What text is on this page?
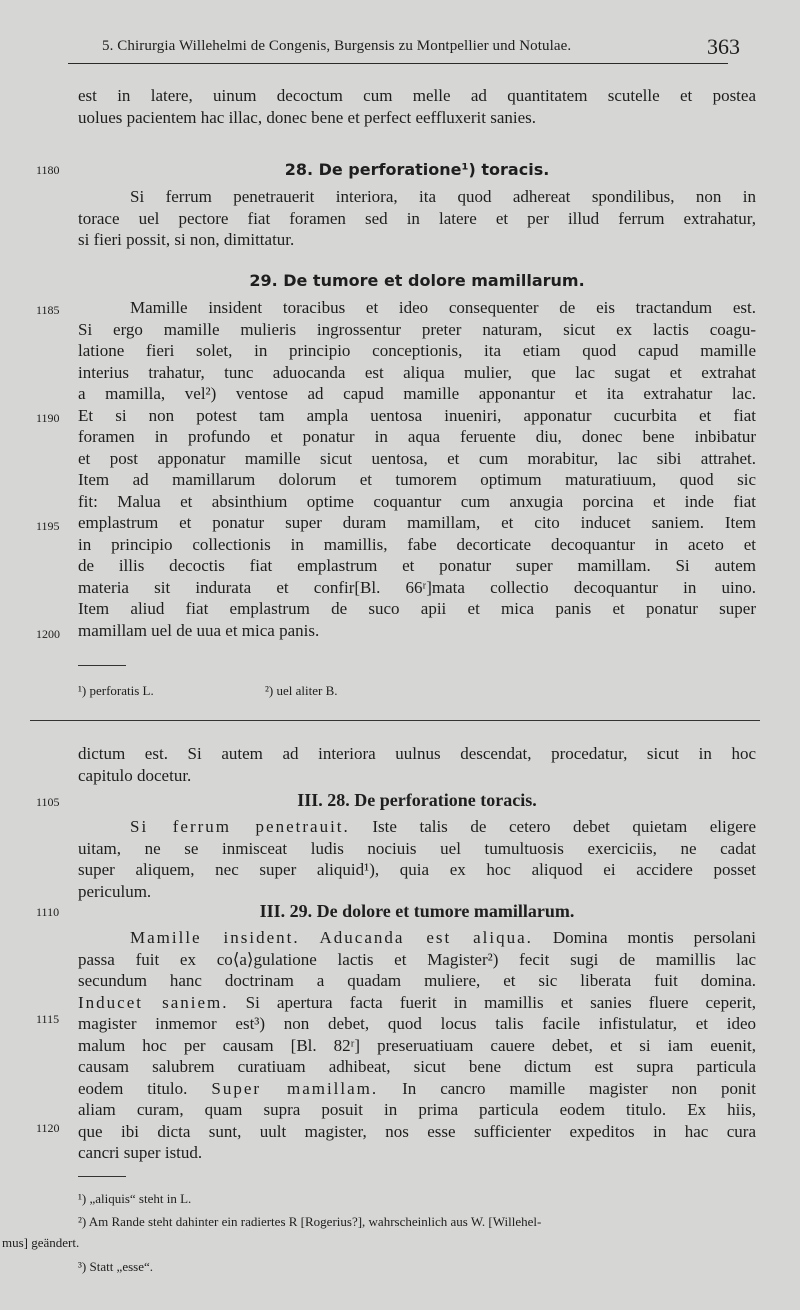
5. Chirurgia Willehelmi de Congenis, Burgensis zu Montpellier und Notulae.	363
est in latere, uinum decoctum cum melle ad quantitatem scutelle et postea
uolues pacientem hac illac, donec bene et perfect eeffluxerit sanies.
1180	28. De perforatione¹) toracis.
Si ferrum penetrauerit interiora, ita quod adhereat spondilibus, non in
torace uel pectore fiat foramen sed in latere et per illud ferrum extrahatur,
si fieri possit, si non, dimittatur.
1185
1190
1195
1200
29. De tumore et dolore mamillarum.
Mamille insident toracibus et ideo consequenter de eis tractandum est.
Si ergo mamille mulieris ingrossentur preter naturam, sicut ex lactis coagu-
latione fieri solet, in principio conceptionis, ita etiam quod capud mamille
interius trahatur, tunc aduocanda est aliqua mulier, que lac sugat et extrahat
a mamilla, vel²) ventose ad capud mamille apponantur et ita extrahatur lac.
Et si non potest tam ampla uentosa inueniri, apponatur cucurbita et fiat
foramen in profundo et ponatur in aqua feruente diu, donec bene inbibatur
et post apponatur mamille sicut uentosa, et cum morabitur, lac sibi attrahet.
Item ad mamillarum dolorum et tumorem optimum maturatiuum, quod sic
fit: Malua et absinthium optime coquantur cum anxugia porcina et inde fiat
emplastrum et ponatur super duram mamillam, et cito inducet saniem. Item
in principio collectionis in mamillis, fabe decorticate decoquantur in aceto et
de illis decoctis fiat emplastrum et ponatur super mamillam. Si autem
materia sit indurata et confir[Bl. 66ʳ]mata collectio decoquantur in uino.
Item aliud fiat emplastrum de suco apii et mica panis et ponatur super
mamillam uel de uua et mica panis.
¹) perforatis L.	²) uel aliter B.
dictum est. Si autem ad interiora uulnus descendat, procedatur, sicut in hoc
capitulo docetur.
1105	III. 28. De perforatione toracis.
Si ferrum penetrauit. Iste talis de cetero debet quietam eligere
uitam, ne se inmisceat ludis nociuis uel tumultuosis exerciciis, ne cadat
super aliquem, nec super aliquid¹), quia ex hoc aliquod ei accidere posset
periculum.
1110
1115
1120
III. 29. De dolore et tumore mamillarum.
Mamille insident. Aducanda est aliqua. Domina montis persolani
passa fuit ex co⟨a⟩gulatione lactis et Magister²) fecit sugi de mamillis lac
secundum hanc doctrinam a quadam muliere, et sic liberata fuit domina.
Inducet saniem. Si apertura facta fuerit in mamillis et sanies fluere ceperit,
magister inmemor est³) non debet, quod locus talis facile infistulatur, et ideo
malum hoc per causam [Bl. 82ʳ] preseruatiuam cauere debet, et si iam euenit,
causam salubrem curatiuam adhibeat, sicut bene dictum est supra particula
eodem titulo. Super mamillam. In cancro mamille magister non ponit
aliam curam, quam supra posuit in prima particula eodem titulo. Ex hiis,
que ibi dicta sunt, uult magister, nos esse sufficienter expeditos in hac cura
cancri super istud.
¹) „aliquis“ steht in L.
²) Am Rande steht dahinter ein radiertes R [Rogerius?], wahrscheinlich aus W. [Willehel-
mus] geändert.
³) Statt „esse“.
